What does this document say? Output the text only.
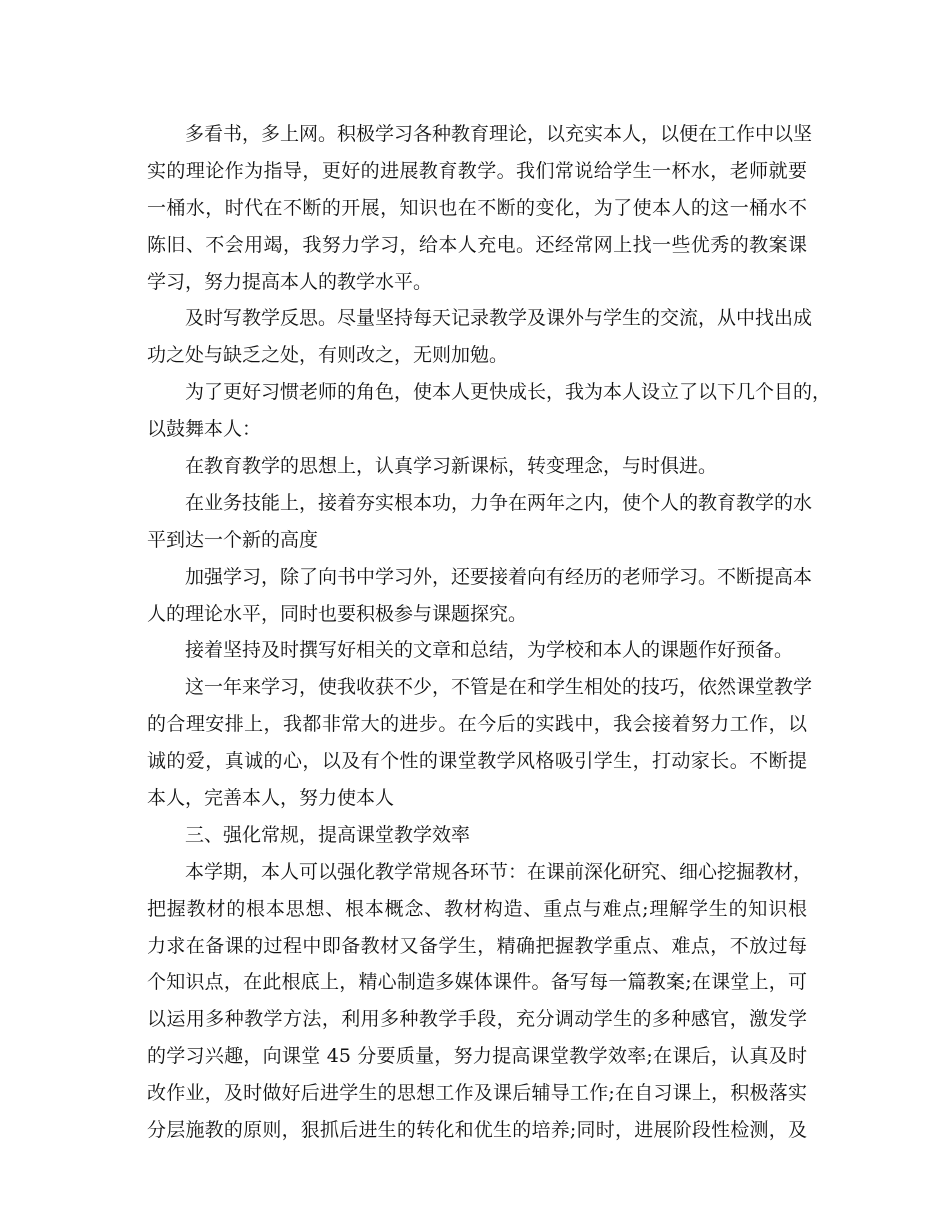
多看书，多上网。积极学习各种教育理论，以充实本人，以便在工作中以坚
实的理论作为指导，更好的进展教育教学。我们常说给学生一杯水，老师就要
一桶水，时代在不断的开展，知识也在不断的变化，为了使本人的这一桶水不
陈旧、不会用竭，我努力学习，给本人充电。还经常网上找一些优秀的教案课
学习，努力提高本人的教学水平。
及时写教学反思。尽量坚持每天记录教学及课外与学生的交流，从中找出成
功之处与缺乏之处，有则改之，无则加勉。
为了更好习惯老师的角色，使本人更快成长，我为本人设立了以下几个目的，
以鼓舞本人：
在教育教学的思想上，认真学习新课标，转变理念，与时俱进。
在业务技能上，接着夯实根本功，力争在两年之内，使个人的教育教学的水
平到达一个新的高度
加强学习，除了向书中学习外，还要接着向有经历的老师学习。不断提高本
人的理论水平，同时也要积极参与课题探究。
接着坚持及时撰写好相关的文章和总结，为学校和本人的课题作好预备。
这一年来学习，使我收获不少，不管是在和学生相处的技巧，依然课堂教学
的合理安排上，我都非常大的进步。在今后的实践中，我会接着努力工作，以
诚的爱，真诚的心，以及有个性的课堂教学风格吸引学生，打动家长。不断提
本人，完善本人，努力使本人
三、强化常规，提高课堂教学效率
本学期，本人可以强化教学常规各环节：在课前深化研究、细心挖掘教材，
把握教材的根本思想、根本概念、教材构造、重点与难点;理解学生的知识根
力求在备课的过程中即备教材又备学生，精确把握教学重点、难点，不放过每
个知识点，在此根底上，精心制造多媒体课件。备写每一篇教案;在课堂上，可
以运用多种教学方法，利用多种教学手段，充分调动学生的多种感官，激发学
的学习兴趣，向课堂 45 分要质量，努力提高课堂教学效率;在课后，认真及时
改作业，及时做好后进学生的思想工作及课后辅导工作;在自习课上，积极落实
分层施教的原则，狠抓后进生的转化和优生的培养;同时，进展阶段性检测，及
